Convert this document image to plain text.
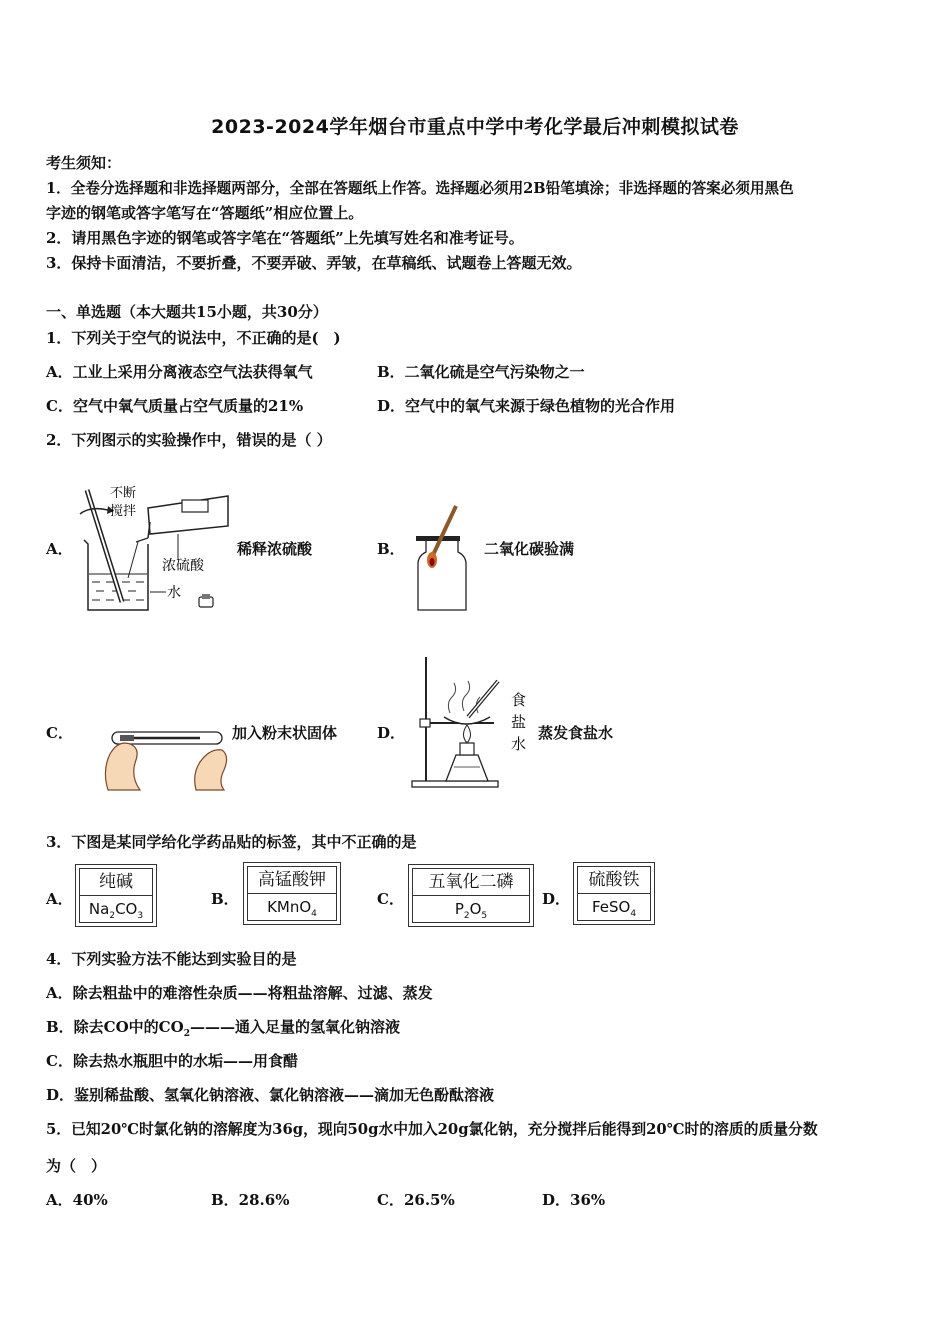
2023-2024学年烟台市重点中学中考化学最后冲刺模拟试卷
考生须知：
1．全卷分选择题和非选择题两部分，全部在答题纸上作答。选择题必须用2B铅笔填涂；非选择题的答案必须用黑色
字迹的钢笔或答字笔写在“答题纸”相应位置上。
2．请用黑色字迹的钢笔或答字笔在“答题纸”上先填写姓名和准考证号。
3．保持卡面清洁，不要折叠，不要弄破、弄皱，在草稿纸、试题卷上答题无效。
一、单选题（本大题共15小题，共30分）
1．下列关于空气的说法中，不正确的是(　)
A．工业上采用分离液态空气法获得氧气	B．二氧化硫是空气污染物之一
C．空气中氧气质量占空气质量的21%	D．空气中的氧气来源于绿色植物的光合作用
2．下列图示的实验操作中，错误的是（ ）
A．
不断
搅拌
浓硫酸
水
稀释浓硫酸	B．	二氧化碳验满
C．	加入粉末状固体	D．
食
盐
水
蒸发食盐水
3．下图是某同学给化学药品贴的标签，其中不正确的是
A．
纯碱
$Na_2CO_3$
B．
高锰酸钾
KMnO$_4$
C．
五氧化二磷
$P_2O_5$
D．
硫酸铁
FeSO$_4$
4．下列实验方法不能达到实验目的是
A．除去粗盐中的难溶性杂质——将粗盐溶解、过滤、蒸发
B．除去CO中的$CO_2———$通入足量的氢氧化钠溶液
C．除去热水瓶胆中的水垢——用食醋
D．鉴别稀盐酸、氢氧化钠溶液、氯化钠溶液——滴加无色酚酞溶液
5．已知20℃时氯化钠的溶解度为36g，现向50g水中加入20g氯化钠，充分搅拌后能得到20℃时的溶质的质量分数
为（　）
A．40%	B．28.6%	C．26.5%	D．36%
